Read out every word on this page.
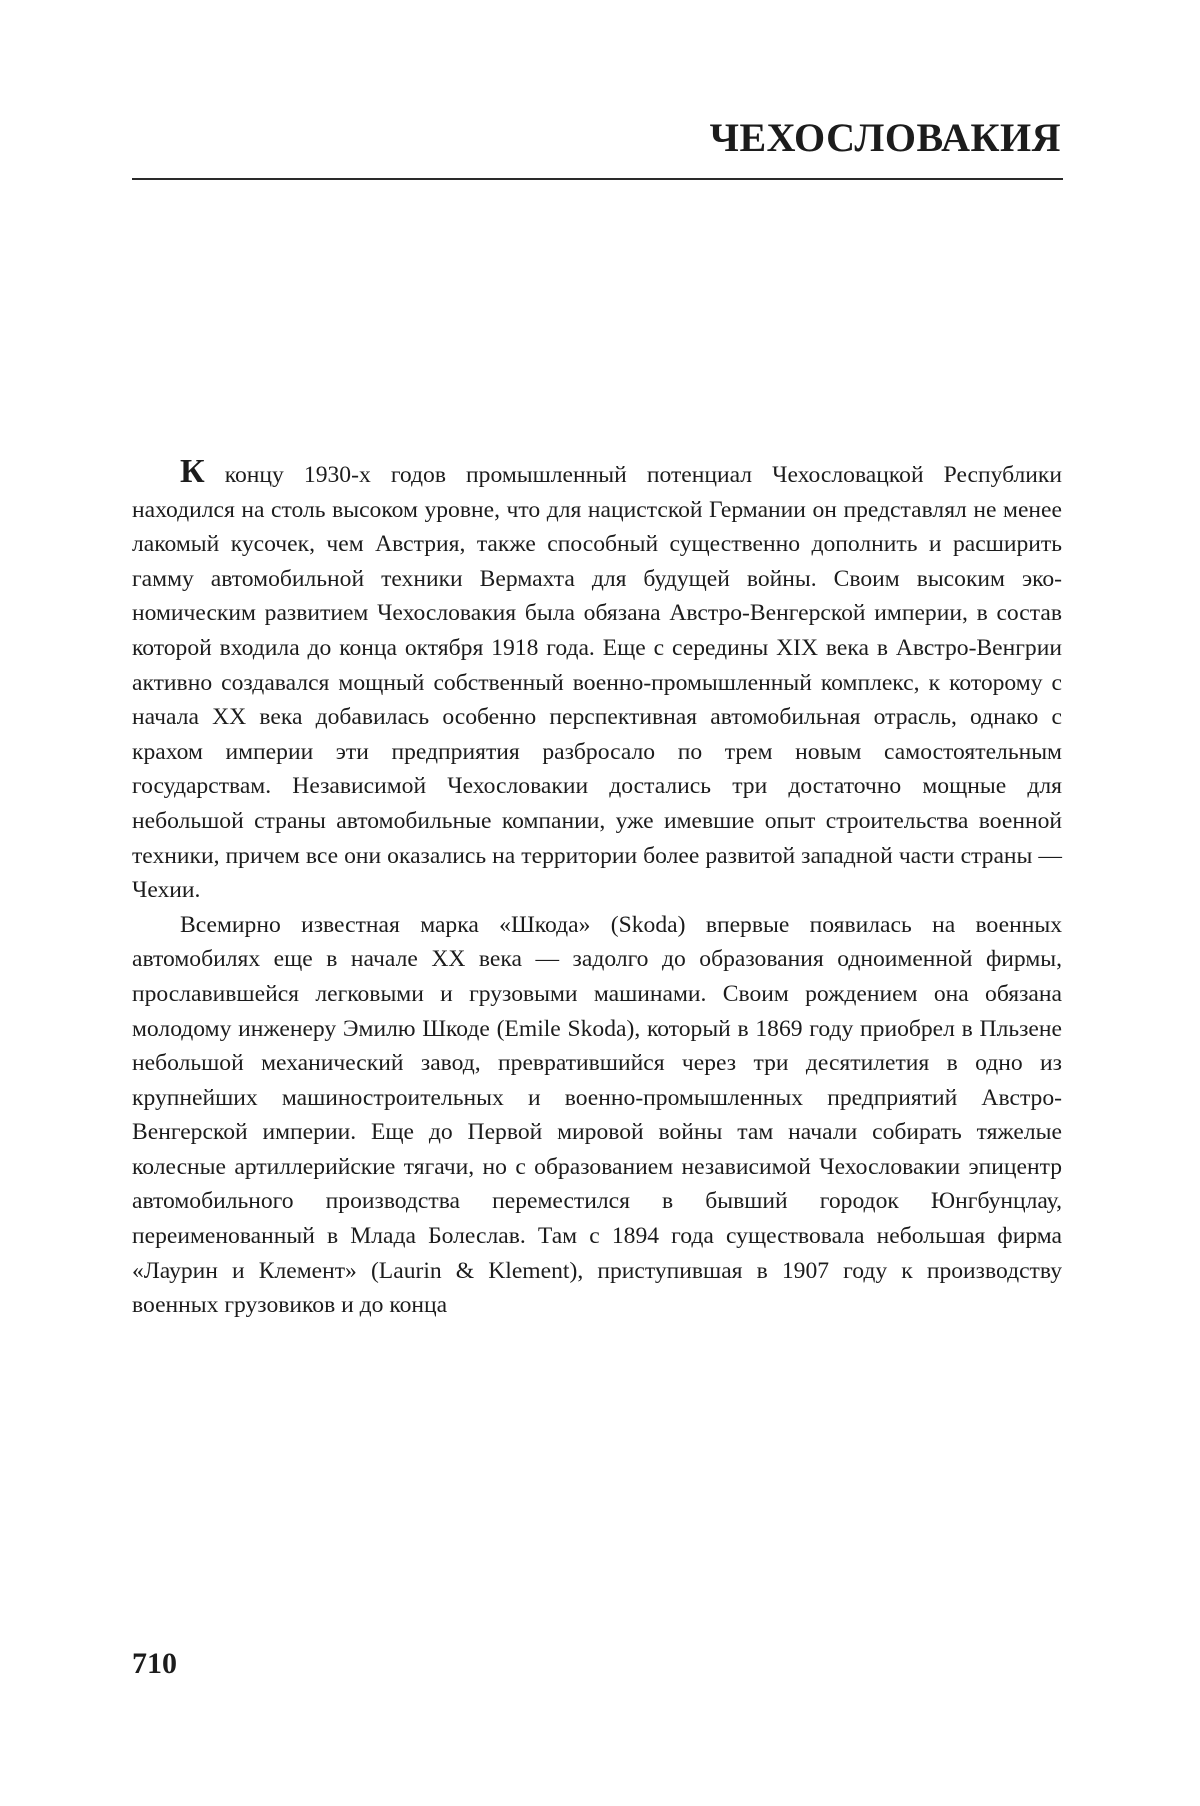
ЧЕХОСЛОВАКИЯ

К концу 1930-х годов промышленный потенциал Чехословацкой Республики находился на столь высоком уровне, что для нацистской Германии он представлял не менее лакомый кусочек, чем Австрия, также способный существенно дополнить и расширить гамму автомобильной техники Вермахта для будущей войны. Своим высоким экономическим развитием Чехословакия была обязана Австро-Венгерской империи, в состав которой входила до конца октября 1918 года. Еще с середины XIX века в Австро-Венгрии активно создавался мощный собственный военно-промышленный комплекс, к которому с начала XX века добавилась особенно перспективная автомобильная отрасль, однако с крахом империи эти предприятия разбросало по трем новым самостоятельным государствам. Независимой Чехословакии достались три достаточно мощные для небольшой страны автомобильные компании, уже имевшие опыт строительства военной техники, причем все они оказались на территории более развитой западной части страны — Чехии.

Всемирно известная марка «Шкода» (Skoda) впервые появилась на военных автомобилях еще в начале XX века — задолго до образования одноименной фирмы, прославившейся легковыми и грузовыми машинами. Своим рождением она обязана молодому инженеру Эмилю Шкоде (Emile Skoda), который в 1869 году приобрел в Пльзене небольшой механический завод, превратившийся через три десятилетия в одно из крупнейших машиностроительных и военно-промышленных предприятий Австро-Венгерской империи. Еще до Первой мировой войны там начали собирать тяжелые колесные артиллерийские тягачи, но с образованием независимой Чехословакии эпицентр автомобильного производства переместился в бывший городок Юнгбунцлау, переименованный в Млада Болеслав. Там с 1894 года существовала небольшая фирма «Лаурин и Клемент» (Laurin & Klement), приступившая в 1907 году к производству военных грузовиков и до конца

710
